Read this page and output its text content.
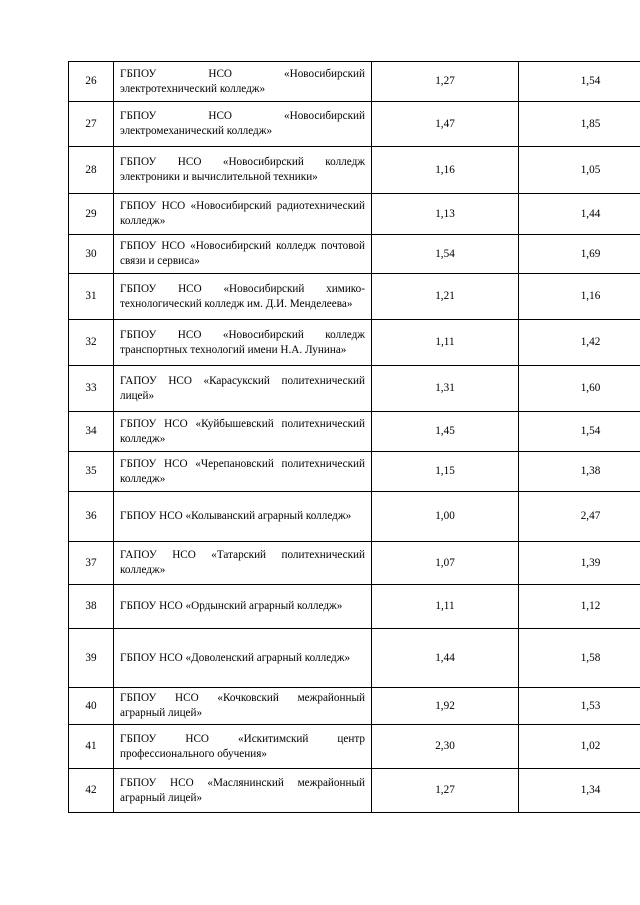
26	ГБПОУ НСО «Новосибирский электротехнический колледж»	1,27	1,54
27	ГБПОУ НСО «Новосибирский электромеханический колледж»	1,47	1,85
28	ГБПОУ НСО «Новосибирский колледж электроники и вычислительной техники»	1,16	1,05
29	ГБПОУ НСО «Новосибирский радиотехнический колледж»	1,13	1,44
30	ГБПОУ НСО «Новосибирский колледж почтовой связи и сервиса»	1,54	1,69
31	ГБПОУ НСО «Новосибирский химико-технологический колледж им. Д.И. Менделеева»	1,21	1,16
32	ГБПОУ НСО «Новосибирский колледж транспортных технологий имени Н.А. Лунина»	1,11	1,42
33	ГАПОУ НСО «Карасукский политехнический лицей»	1,31	1,60
34	ГБПОУ НСО «Куйбышевский политехнический колледж»	1,45	1,54
35	ГБПОУ НСО «Черепановский политехнический колледж»	1,15	1,38
36	ГБПОУ НСО «Колыванский аграрный колледж»	1,00	2,47
37	ГАПОУ НСО «Татарский политехнический колледж»	1,07	1,39
38	ГБПОУ НСО «Ордынский аграрный колледж»	1,11	1,12
39	ГБПОУ НСО «Доволенский аграрный колледж»	1,44	1,58
40	ГБПОУ НСО «Кочковский межрайонный аграрный лицей»	1,92	1,53
41	ГБПОУ НСО «Искитимский центр профессионального обучения»	2,30	1,02
42	ГБПОУ НСО «Маслянинский межрайонный аграрный лицей»	1,27	1,34
